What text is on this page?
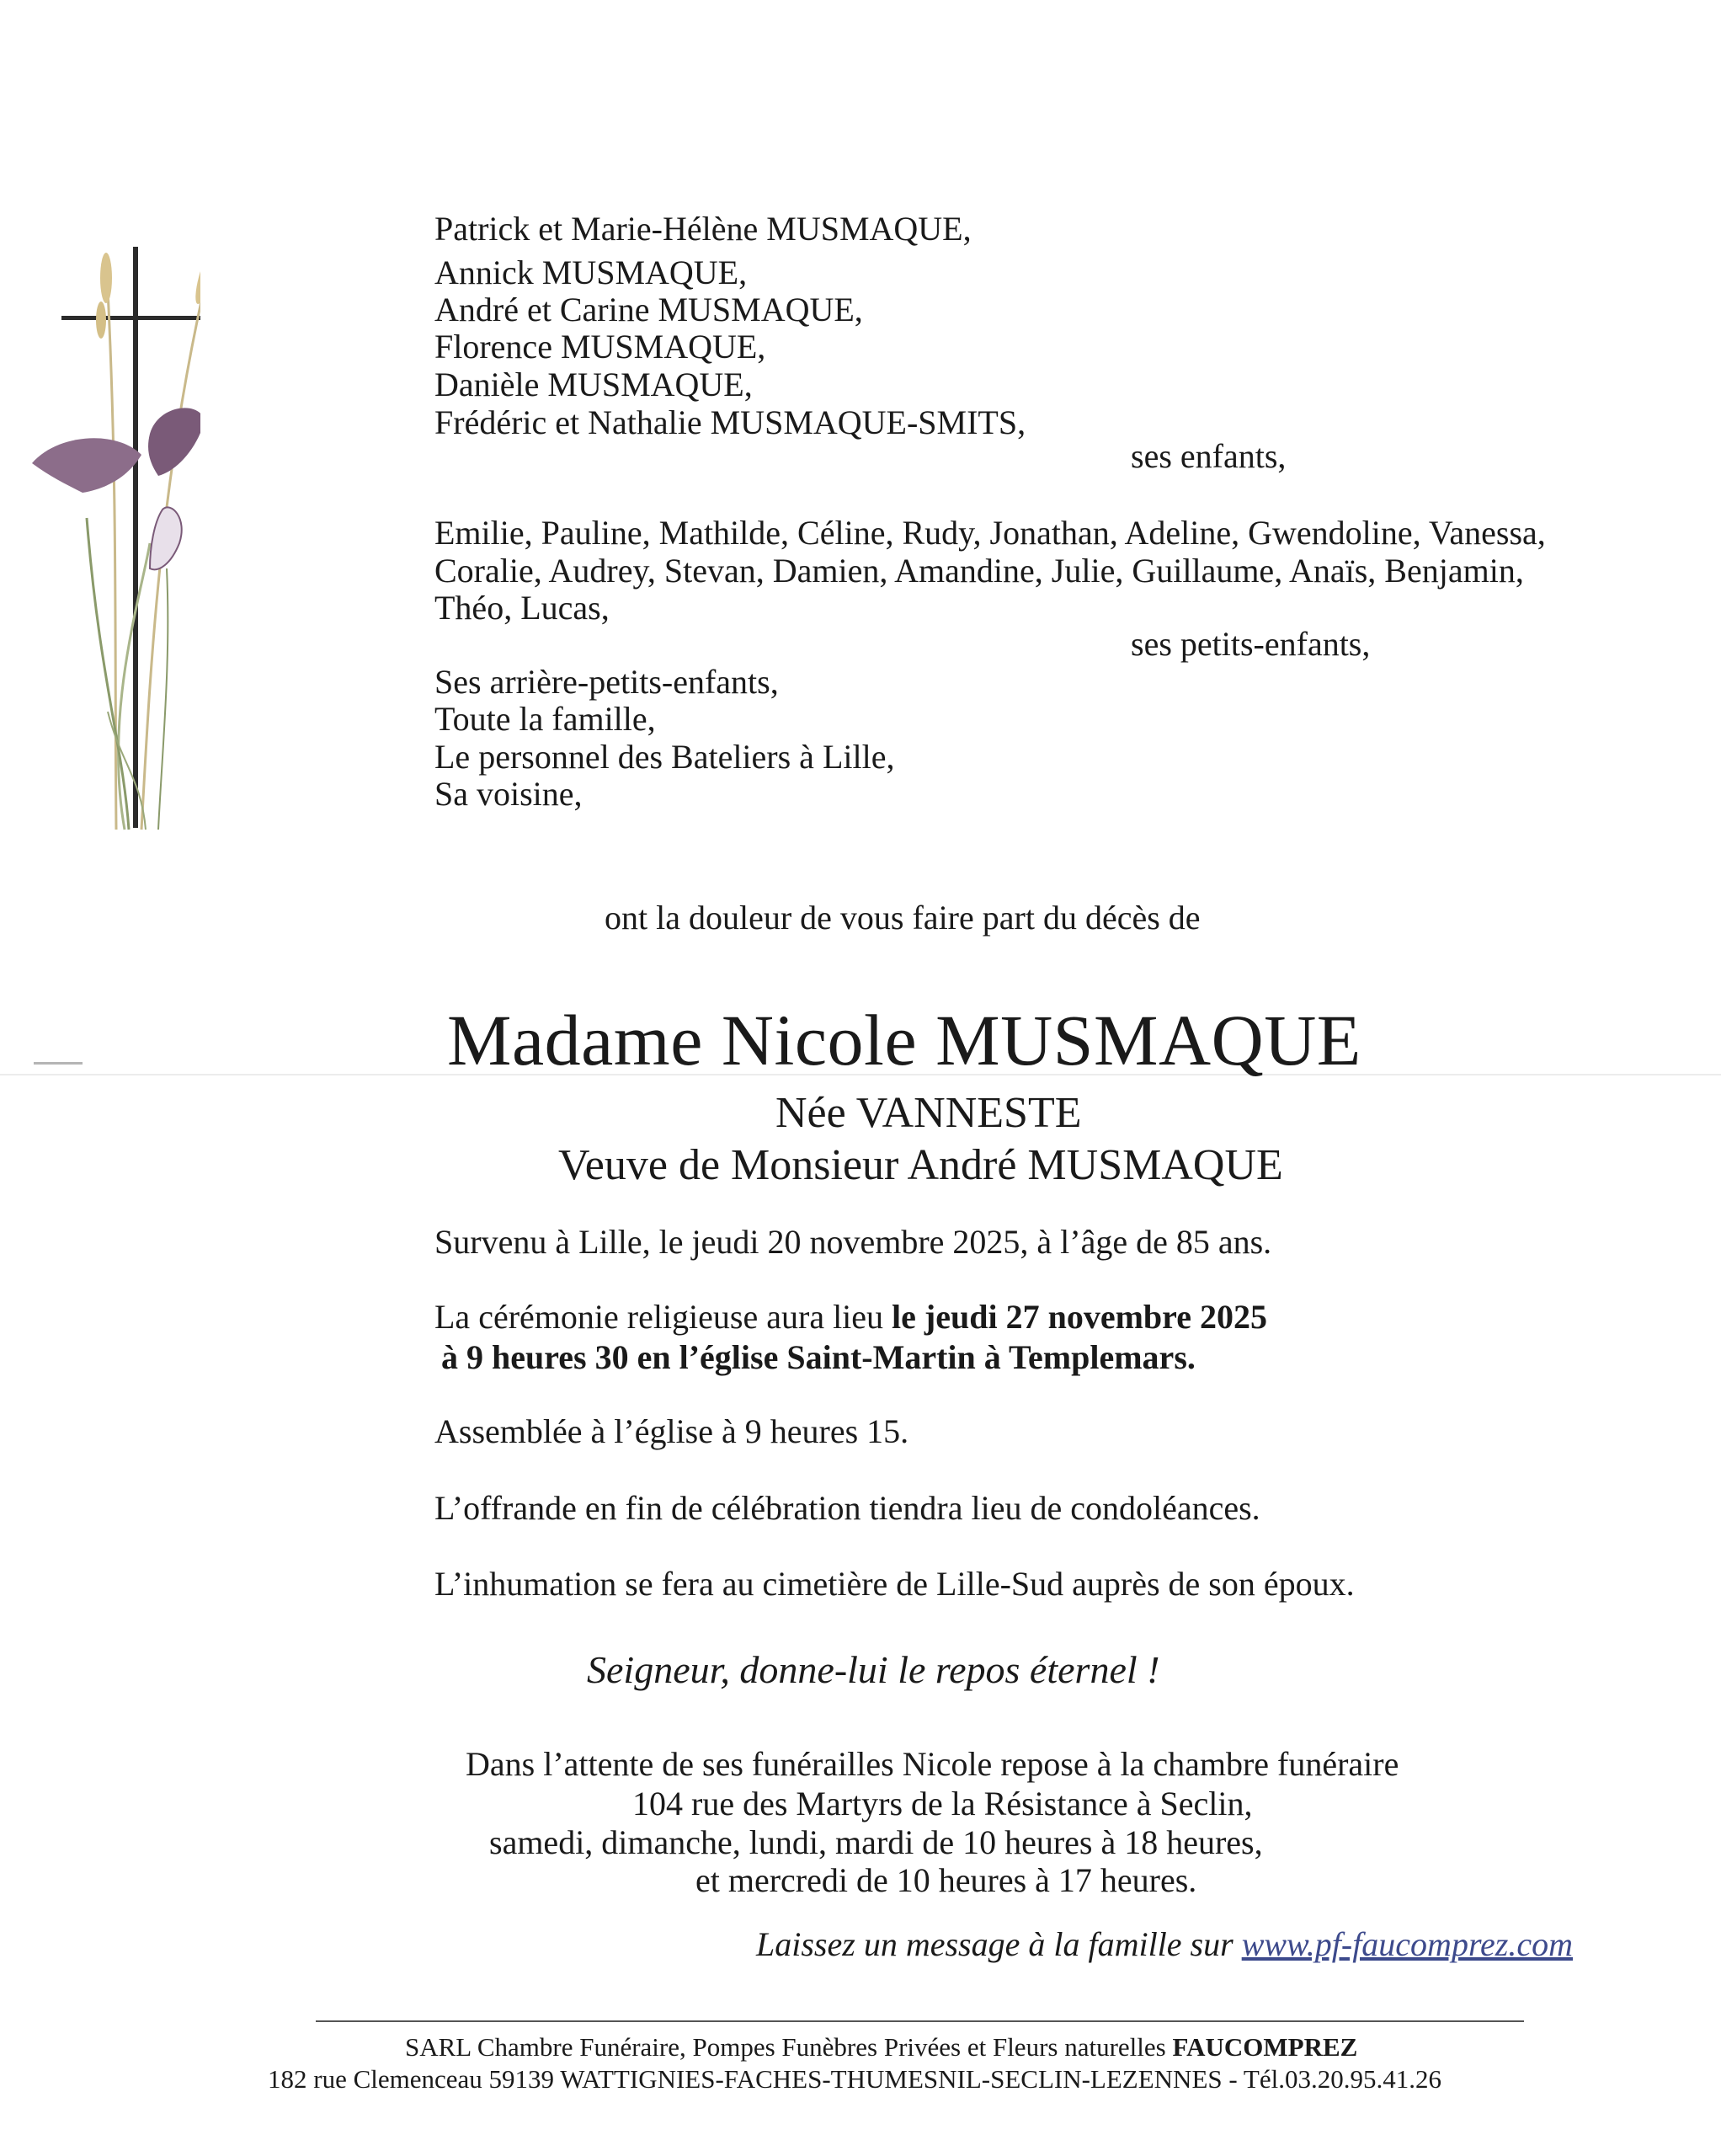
Patrick et Marie-Hélène MUSMAQUE,
Annick MUSMAQUE,
André et Carine MUSMAQUE,
Florence MUSMAQUE,
Danièle MUSMAQUE,
Frédéric et Nathalie MUSMAQUE-SMITS,
ses enfants,
Emilie, Pauline, Mathilde, Céline, Rudy, Jonathan, Adeline, Gwendoline, Vanessa,
Coralie, Audrey, Stevan, Damien, Amandine, Julie, Guillaume, Anaïs, Benjamin,
Théo, Lucas,
ses petits-enfants,
Ses arrière-petits-enfants,
Toute la famille,
Le personnel des Bateliers à Lille,
Sa voisine,
ont la douleur de vous faire part du décès de
Madame Nicole MUSMAQUE
Née VANNESTE
Veuve de Monsieur André MUSMAQUE
Survenu à Lille, le jeudi 20 novembre 2025, à l’âge de 85 ans.
La cérémonie religieuse aura lieu le jeudi 27 novembre 2025
à 9 heures 30 en l’église Saint-Martin à Templemars.
Assemblée à l’église à 9 heures 15.
L’offrande en fin de célébration tiendra lieu de condoléances.
L’inhumation se fera au cimetière de Lille-Sud auprès de son époux.
Seigneur, donne-lui le repos éternel !
Dans l’attente de ses funérailles Nicole repose à la chambre funéraire
104 rue des Martyrs de la Résistance à Seclin,
samedi, dimanche, lundi, mardi de 10 heures à 18 heures,
et mercredi de 10 heures à 17 heures.
Laissez un message à la famille sur www.pf-faucomprez.com
SARL Chambre Funéraire, Pompes Funèbres Privées et Fleurs naturelles FAUCOMPREZ
182 rue Clemenceau 59139 WATTIGNIES-FACHES-THUMESNIL-SECLIN-LEZENNES - Tél.03.20.95.41.26
